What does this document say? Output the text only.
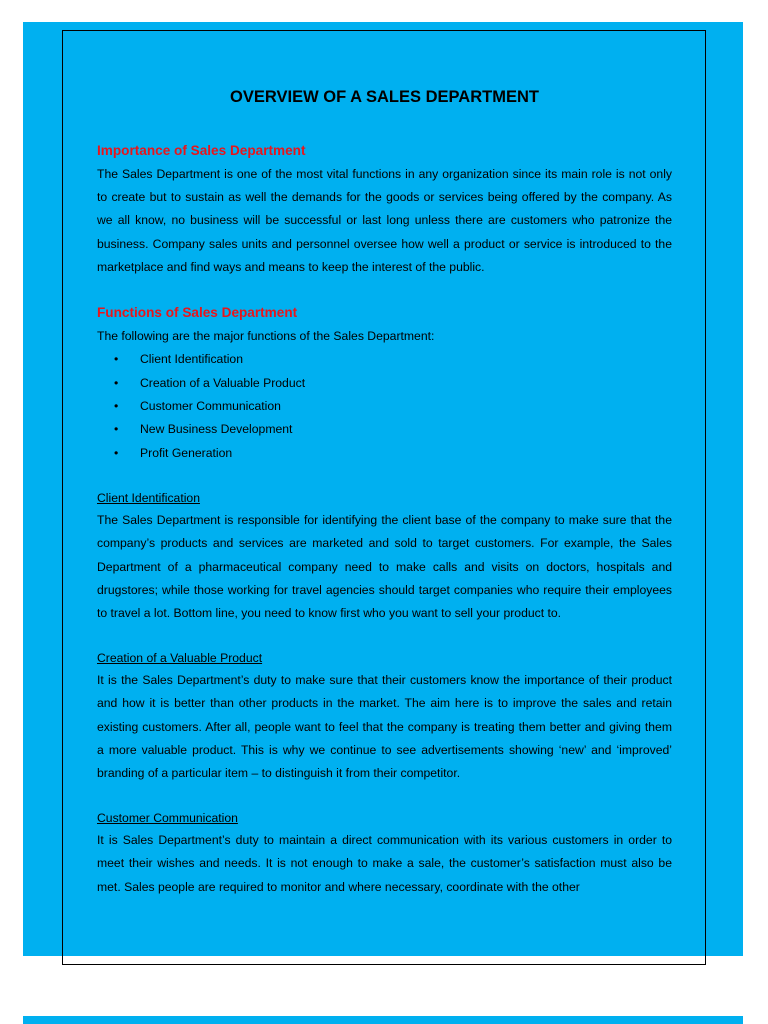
OVERVIEW OF A SALES DEPARTMENT
Importance of Sales Department

The Sales Department is one of the most vital functions in any organization since its main role is not only to create but to sustain as well the demands for the goods or services being offered by the company. As we all know, no business will be successful or last long unless there are customers who patronize the business. Company sales units and personnel oversee how well a product or service is introduced to the marketplace and find ways and means to keep the interest of the public.

Functions of Sales Department

The following are the major functions of the Sales Department:

• Client Identification
• Creation of a Valuable Product
• Customer Communication
• New Business Development
• Profit Generation
Client Identification

The Sales Department is responsible for identifying the client base of the company to make sure that the company’s products and services are marketed and sold to target customers. For example, the Sales Department of a pharmaceutical company need to make calls and visits on doctors, hospitals and drugstores; while those working for travel agencies should target companies who require their employees to travel a lot. Bottom line, you need to know first who you want to sell your product to.

Creation of a Valuable Product

It is the Sales Department’s duty to make sure that their customers know the importance of their product and how it is better than other products in the market. The aim here is to improve the sales and retain existing customers. After all, people want to feel that the company is treating them better and giving them a more valuable product. This is why we continue to see advertisements showing ‘new’ and ‘improved’ branding of a particular item – to distinguish it from their competitor.

Customer Communication

It is Sales Department’s duty to maintain a direct communication with its various customers in order to meet their wishes and needs. It is not enough to make a sale, the customer’s satisfaction must also be met. Sales people are required to monitor and where necessary, coordinate with the other
